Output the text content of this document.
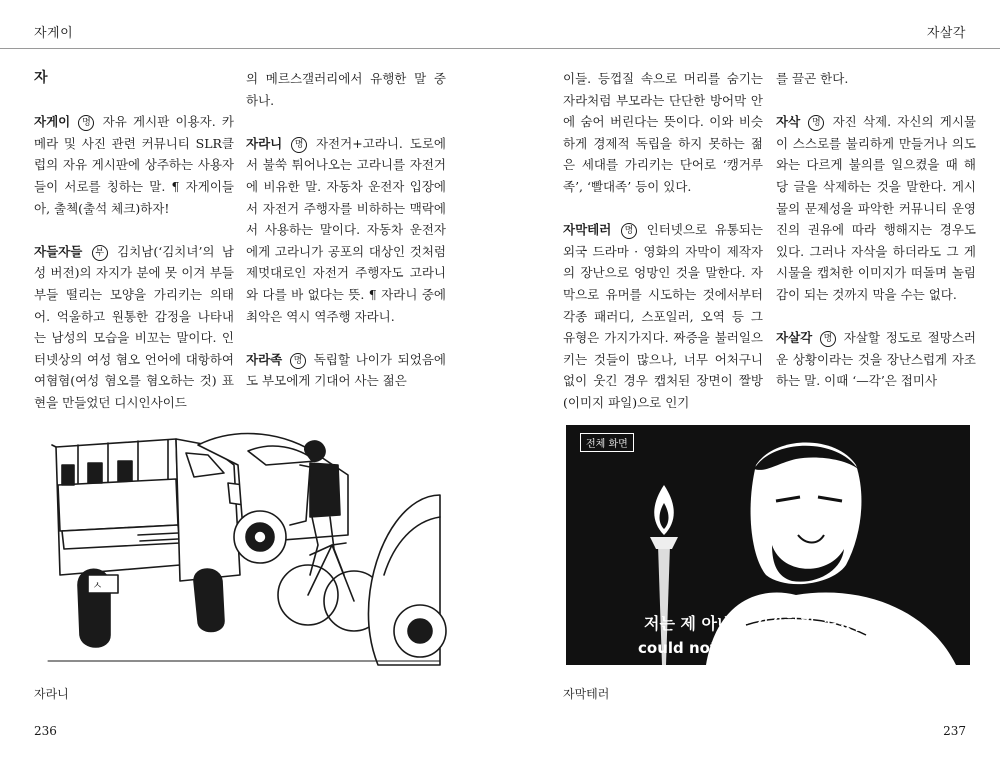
자게이	자살각
자

자게이 명 자유 게시판 이용자. 카메라 및 사진 관련 커뮤니티 SLR클럽의 자유 게시판에 상주하는 사용자들이 서로를 칭하는 말. ¶ 자게이들아, 출첵(출석 체크)하자!

자들자들 부 김치남(‘김치녀’의 남성 버전)의 자지가 분에 못 이겨 부들부들 떨리는 모양을 가리키는 의태어. 억울하고 원통한 감정을 나타내는 남성의 모습을 비꼬는 말이다. 인터넷상의 여성 혐오 언어에 대항하여 여혐혐(여성 혐오를 혐오하는 것) 표현을 만들었던 디시인사이드

의 메르스갤러리에서 유행한 말 중 하나.

자라니 명 자전거+고라니. 도로에서 불쑥 튀어나오는 고라니를 자전거에 비유한 말. 자동차 운전자 입장에서 자전거 주행자를 비하하는 맥락에서 사용하는 말이다. 자동차 운전자에게 고라니가 공포의 대상인 것처럼 제멋대로인 자전거 주행자도 고라니와 다를 바 없다는 뜻. ¶ 자라니 중에 최악은 역시 역주행 자라니.

자라족 명 독립할 나이가 되었음에도 부모에게 기대어 사는 젊은

이들. 등껍질 속으로 머리를 숨기는 자라처럼 부모라는 단단한 방어막 안에 숨어 버린다는 뜻이다. 이와 비슷하게 경제적 독립을 하지 못하는 젊은 세대를 가리키는 단어로 ‘캥거루족’, ‘빨대족’ 등이 있다.

자막테러 명 인터넷으로 유통되는 외국 드라마 · 영화의 자막이 제작자의 장난으로 엉망인 것을 말한다. 자막으로 유머를 시도하는 것에서부터 각종 패러디, 스포일러, 오역 등 그 유형은 가지가지다. 짜증을 불러일으키는 것들이 많으나, 너무 어처구니없이 웃긴 경우 캡처된 장면이 짤방(이미지 파일)으로 인기

를 끌곤 한다.

자삭 명 자진 삭제. 자신의 게시물이 스스로를 불리하게 만들거나 의도와는 다르게 불의를 일으켰을 때 해당 글을 삭제하는 것을 말한다. 게시물의 문제성을 파악한 커뮤니티 운영진의 권유에 따라 행해지는 경우도 있다. 그러나 자삭을 하더라도 그 게시물을 캡처한 이미지가 떠돌며 놀림감이 되는 것까지 막을 수는 없다.

자살각 명 자살할 정도로 절망스러운 상황이라는 것을 장난스럽게 자조하는 말. 이때 ‘—각’은 접미사

ㅅ
전체 화면
저는 제 아내를 저장하지 못했습니다!
could not save my wife.
자라니	자막테러
236	237
